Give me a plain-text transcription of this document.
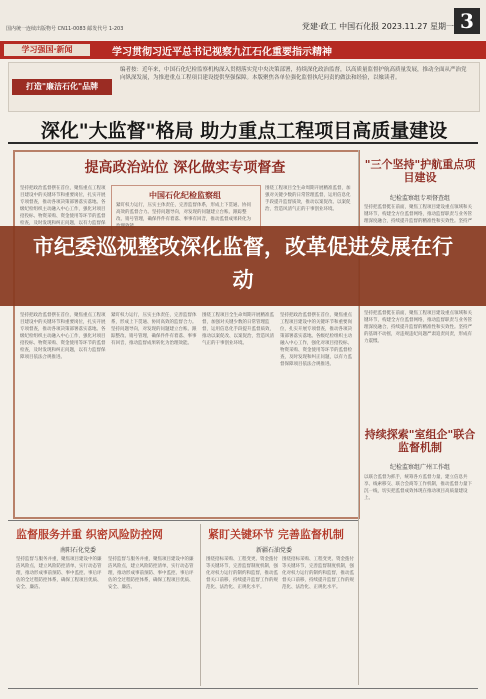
国内统一连续出版物号 CN11-0083 邮发代号 1-203	党建·政工 中国石化报 2023.11.27 星期一 3
学习强国·新闻	学习贯彻习近平总书记视察九江石化重要指示精神
打造"廉洁石化"品牌
编者按：近年来，中国石化纪检监察机构深入贯彻落实党中央决策部署，持续深化政治监督，以高质量监督护航高质量发展，推动全面从严治党向纵深发展，为推进重点工程项目建设提供坚强保障。本版聚焦各单位强化监督执纪问责的做法和经验，以飨读者。
深化"大监督"格局 助力重点工程项目高质量建设
提高政治站位 深化做实专项督查
坚持把政治监督摆在首位，聚焦重点工程项目建设中的关键环节和重要岗位，扎实开展专项督查，推动各项决策部署落实落地。各级纪检组织主动融入中心工作，强化对项目招投标、物资采购、资金使用等环节的监督检查，及时发现和纠正问题，以有力监督保
中国石化纪检监察组
紧盯权力运行，压实主体责任，完善监督体系，形成上下贯通、协同高效的监督合力。坚持问题导向，对发现的问题建立台账、跟踪整改、销号管理，确保件件有着落、事事有回音，推动监督成果转化为
围绕工程项目全生命周期开展精准监督，加强对关键少数的日常管理监督，运用信息化手段提升监督质效，推动以案促改、以案促治，营造风清气正的干事创业环境。
坚持把政治监督摆在首位，聚焦重点工程项目建设中的关键环节和重要岗位，扎实开展专项督查，推动各项决策部署落实落地。各级纪检组织主动融入中心工作，强化对项目招投标、物资采购、资金使用等环节的监督检查，及时发现和纠正问题，以有力监督保障项目依法合规推进。
紧盯权力运行，压实主体责任，完善监督体系，形成上下贯通、协同高效的监督合力。坚持问题导向，对发现的问题建立台账、跟踪整改、销号管理，确保件件有着落、事事有回音，推动监督成果转化为治理效能。
围绕工程项目全生命周期开展精准监督，加强对关键少数的日常管理监督，运用信息化手段提升监督质效，推动以案促改、以案促治，营造风清气正的干事创业环境。
坚持把政治监督摆在首位，聚焦重点工程项目建设中的关键环节和重要岗位，扎实开展专项督查，推动各项决策部署落实落地。各级纪检组织主动融入中心工作，强化对项目招投标、物资采购、资金使用等环节的监督检查，及时发现和纠正问题，以有力监督保障项目依法合规推进。
"三个坚持"护航重点项目建设
纪检监察组专项督查组
坚持把监督挺在前面，聚焦工程项目建设重点领域和关键环节，构建全方位监督网络，推动监督职责与业务管理深度融合，持续提升监督的精准性和实效性。坚持严
坚持把监督挺在前面，聚焦工程项目建设重点领域和关键环节，构建全方位监督网络，推动监督职责与业务管理深度融合，持续提升监督的精准性和实效性。坚持严的基调不动摇，对违规违纪问题严肃追责问责，形成有力震慑。
持续探索"室组企"联合监督机制
纪检监察组广州工作组
以联合监督为抓手，统筹各方监督力量，建立信息共享、线索移交、联合会商等工作机制，推动监督力量下沉一线，切实把监督成效体现在推动项目高质量建设上。
监督服务并重 织密风险防控网
南阳石化党委
坚持监督与服务并重，聚焦项目建设中的廉洁风险点，建立风险防控清单，实行动态管理，推动形成事前预防、事中监控、事后评估的全过程防控体系，确保工程项目优质、安全、廉洁。
坚持监督与服务并重，聚焦项目建设中的廉洁风险点，建立风险防控清单，实行动态管理，推动形成事前预防、事中监控、事后评估的全过程防控体系，确保工程项目优质、安全、廉洁。
紧盯关键环节 完善监督机制
新疆石油党委
围绕招标采购、工程变更、资金拨付等关键环节，完善监督制度机制，强化对权力运行的制约和监督，推动监督关口前移，持续提升监督工作的规范化、法治化、正规化水平。
围绕招标采购、工程变更、资金拨付等关键环节，完善监督制度机制，强化对权力运行的制约和监督，推动监督关口前移，持续提升监督工作的规范化、法治化、正规化水平。
市纪委巡视整改深化监督，改革促进发展在行动
